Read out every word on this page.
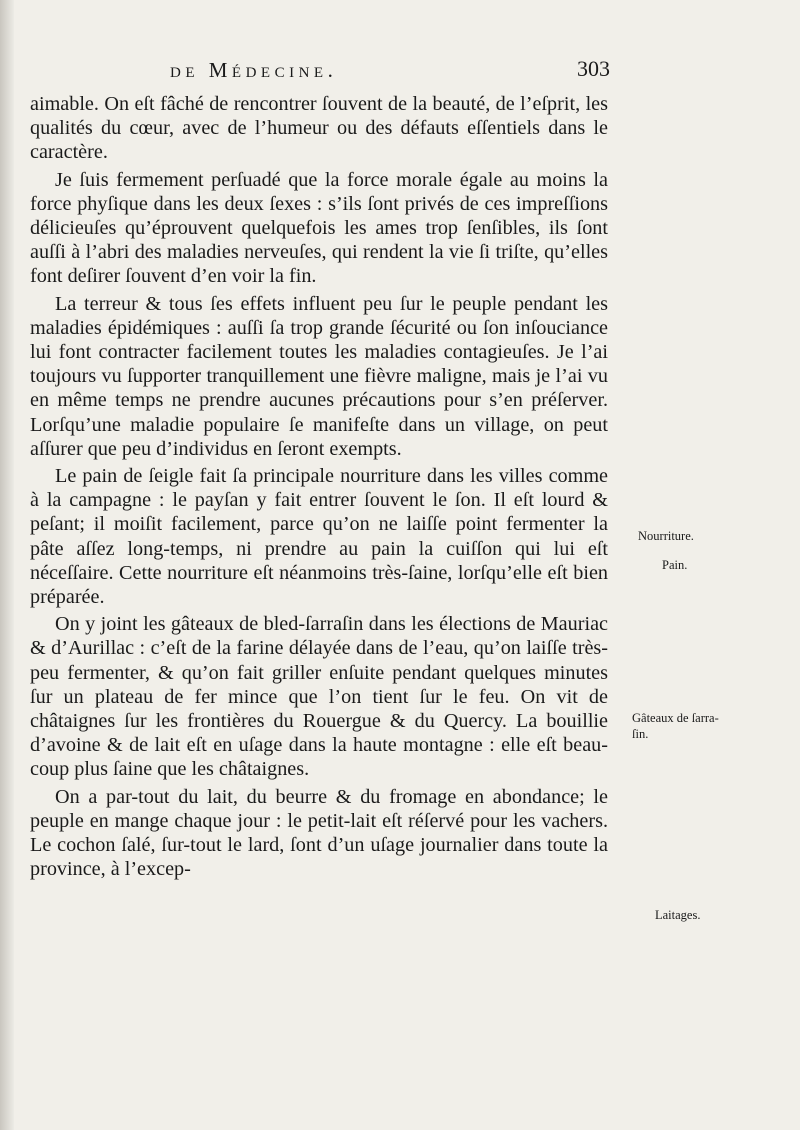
de Médecine.	303

aimable. On eſt fâché de rencontrer ſouvent de la beauté, de l’eſprit, les qualités du cœur, avec de l’humeur ou des défauts eſſentiels dans le caractère.

Je ſuis fermement perſuadé que la force morale égale au moins la force phyſique dans les deux ſexes : s’ils ſont privés de ces impreſſions délicieuſes qu’éprouvent quelquefois les ames trop ſenſibles, ils ſont auſſi à l’abri des maladies nerveuſes, qui rendent la vie ſi triſte, qu’elles font deſirer ſouvent d’en voir la fin.

La terreur & tous ſes effets influent peu ſur le peuple pendant les maladies épidémiques : auſſi ſa trop grande ſécurité ou ſon inſouciance lui font contracter facilement toutes les maladies contagieuſes. Je l’ai toujours vu ſupporter tranquillement une fièvre maligne, mais je l’ai vu en même temps ne prendre aucunes précautions pour s’en préſerver. Lorſqu’une maladie populaire ſe manifeſte dans un village, on peut aſſurer que peu d’individus en ſeront exempts.

Le pain de ſeigle fait ſa principale nourriture dans les villes comme à la campagne : le payſan y fait entrer ſouvent le ſon. Il eſt lourd & peſant; il moiſit facilement, parce qu’on ne laiſſe point fermenter la pâte aſſez long-temps, ni prendre au pain la cuiſſon qui lui eſt néceſſaire. Cette nourriture eſt néanmoins très-ſaine, lorſqu’elle eſt bien préparée.

On y joint les gâteaux de bled-ſarraſin dans les élections de Mauriac & d’Aurillac : c’eſt de la farine délayée dans de l’eau, qu’on laiſſe très-peu fermenter, & qu’on fait griller enſuite pendant quelques minutes ſur un plateau de fer mince que l’on tient ſur le feu. On vit de châtaignes ſur les frontières du Rouergue & du Quercy. La bouillie d’avoine & de lait eſt en uſage dans la haute montagne : elle eſt beaucoup plus ſaine que les châtaignes.

On a par-tout du lait, du beurre & du fromage en abondance; le peuple en mange chaque jour : le petit-lait eſt réſervé pour les vachers. Le cochon ſalé, ſur-tout le lard, ſont d’un uſage journalier dans toute la province, à l’excep-

Nourriture.
Pain.
Gâteaux de ſarra-
ſin.
Laitages.
